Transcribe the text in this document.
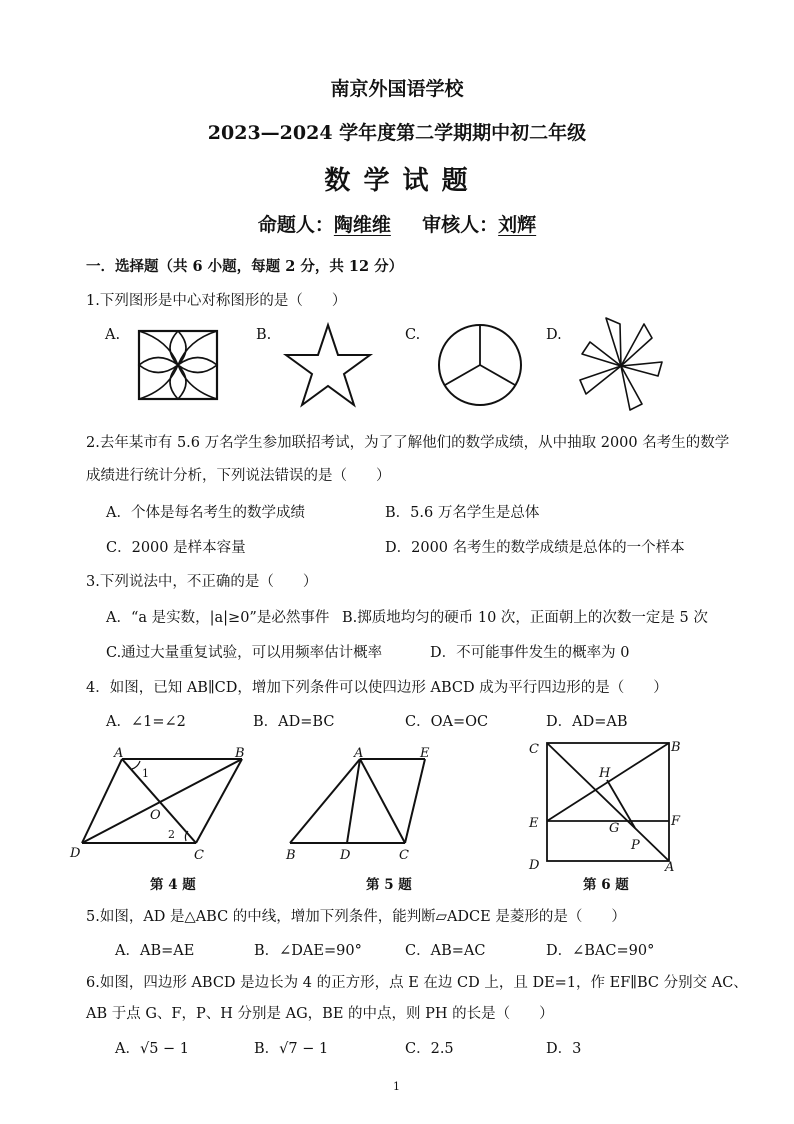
南京外国语学校
2023—2024 学年度第二学期期中初二年级
数 学 试 题
命题人：陶维维 审核人：刘辉
一．选择题（共 6 小题，每题 2 分，共 12 分）
1.下列图形是中心对称图形的是（　　）
A.	B.	C.	D.
2.去年某市有 5.6 万名学生参加联招考试，为了了解他们的数学成绩，从中抽取 2000 名考生的数学
成绩进行统计分析，下列说法错误的是（　　）
A．个体是每名考生的数学成绩	B．5.6 万名学生是总体
C．2000 是样本容量	D．2000 名考生的数学成绩是总体的一个样本
3.下列说法中，不正确的是（　　）
A．“a 是实数，|a|≥0”是必然事件 B.掷质地均匀的硬币 10 次，正面朝上的次数一定是 5 次
C.通过大量重复试验，可以用频率估计概率	D．不可能事件发生的概率为 0
4．如图，已知 AB∥CD，增加下列条件可以使四边形 ABCD 成为平行四边形的是（　　）
A．∠1=∠2	B．AD=BC	C．OA=OC	D．AD=AB
A	B
C
D
O
1
2
第 4 题
A	E
B	D	C
第 5 题
C	B
H
E	G	F
P
D	A
第 6 题
5.如图，AD 是△ABC 的中线，增加下列条件，能判断▱ADCE 是菱形的是（　　）
A．AB=AE	B．∠DAE=90°	C．AB=AC	D．∠BAC=90°
6.如图，四边形 ABCD 是边长为 4 的正方形，点 E 在边 CD 上，且 DE=1，作 EF∥BC 分别交 AC、
AB 于点 G、F，P、H 分别是 AG，BE 的中点，则 PH 的长是（　　）
A．√5 − 1	B．√7 − 1	C．2.5	D．3
1
